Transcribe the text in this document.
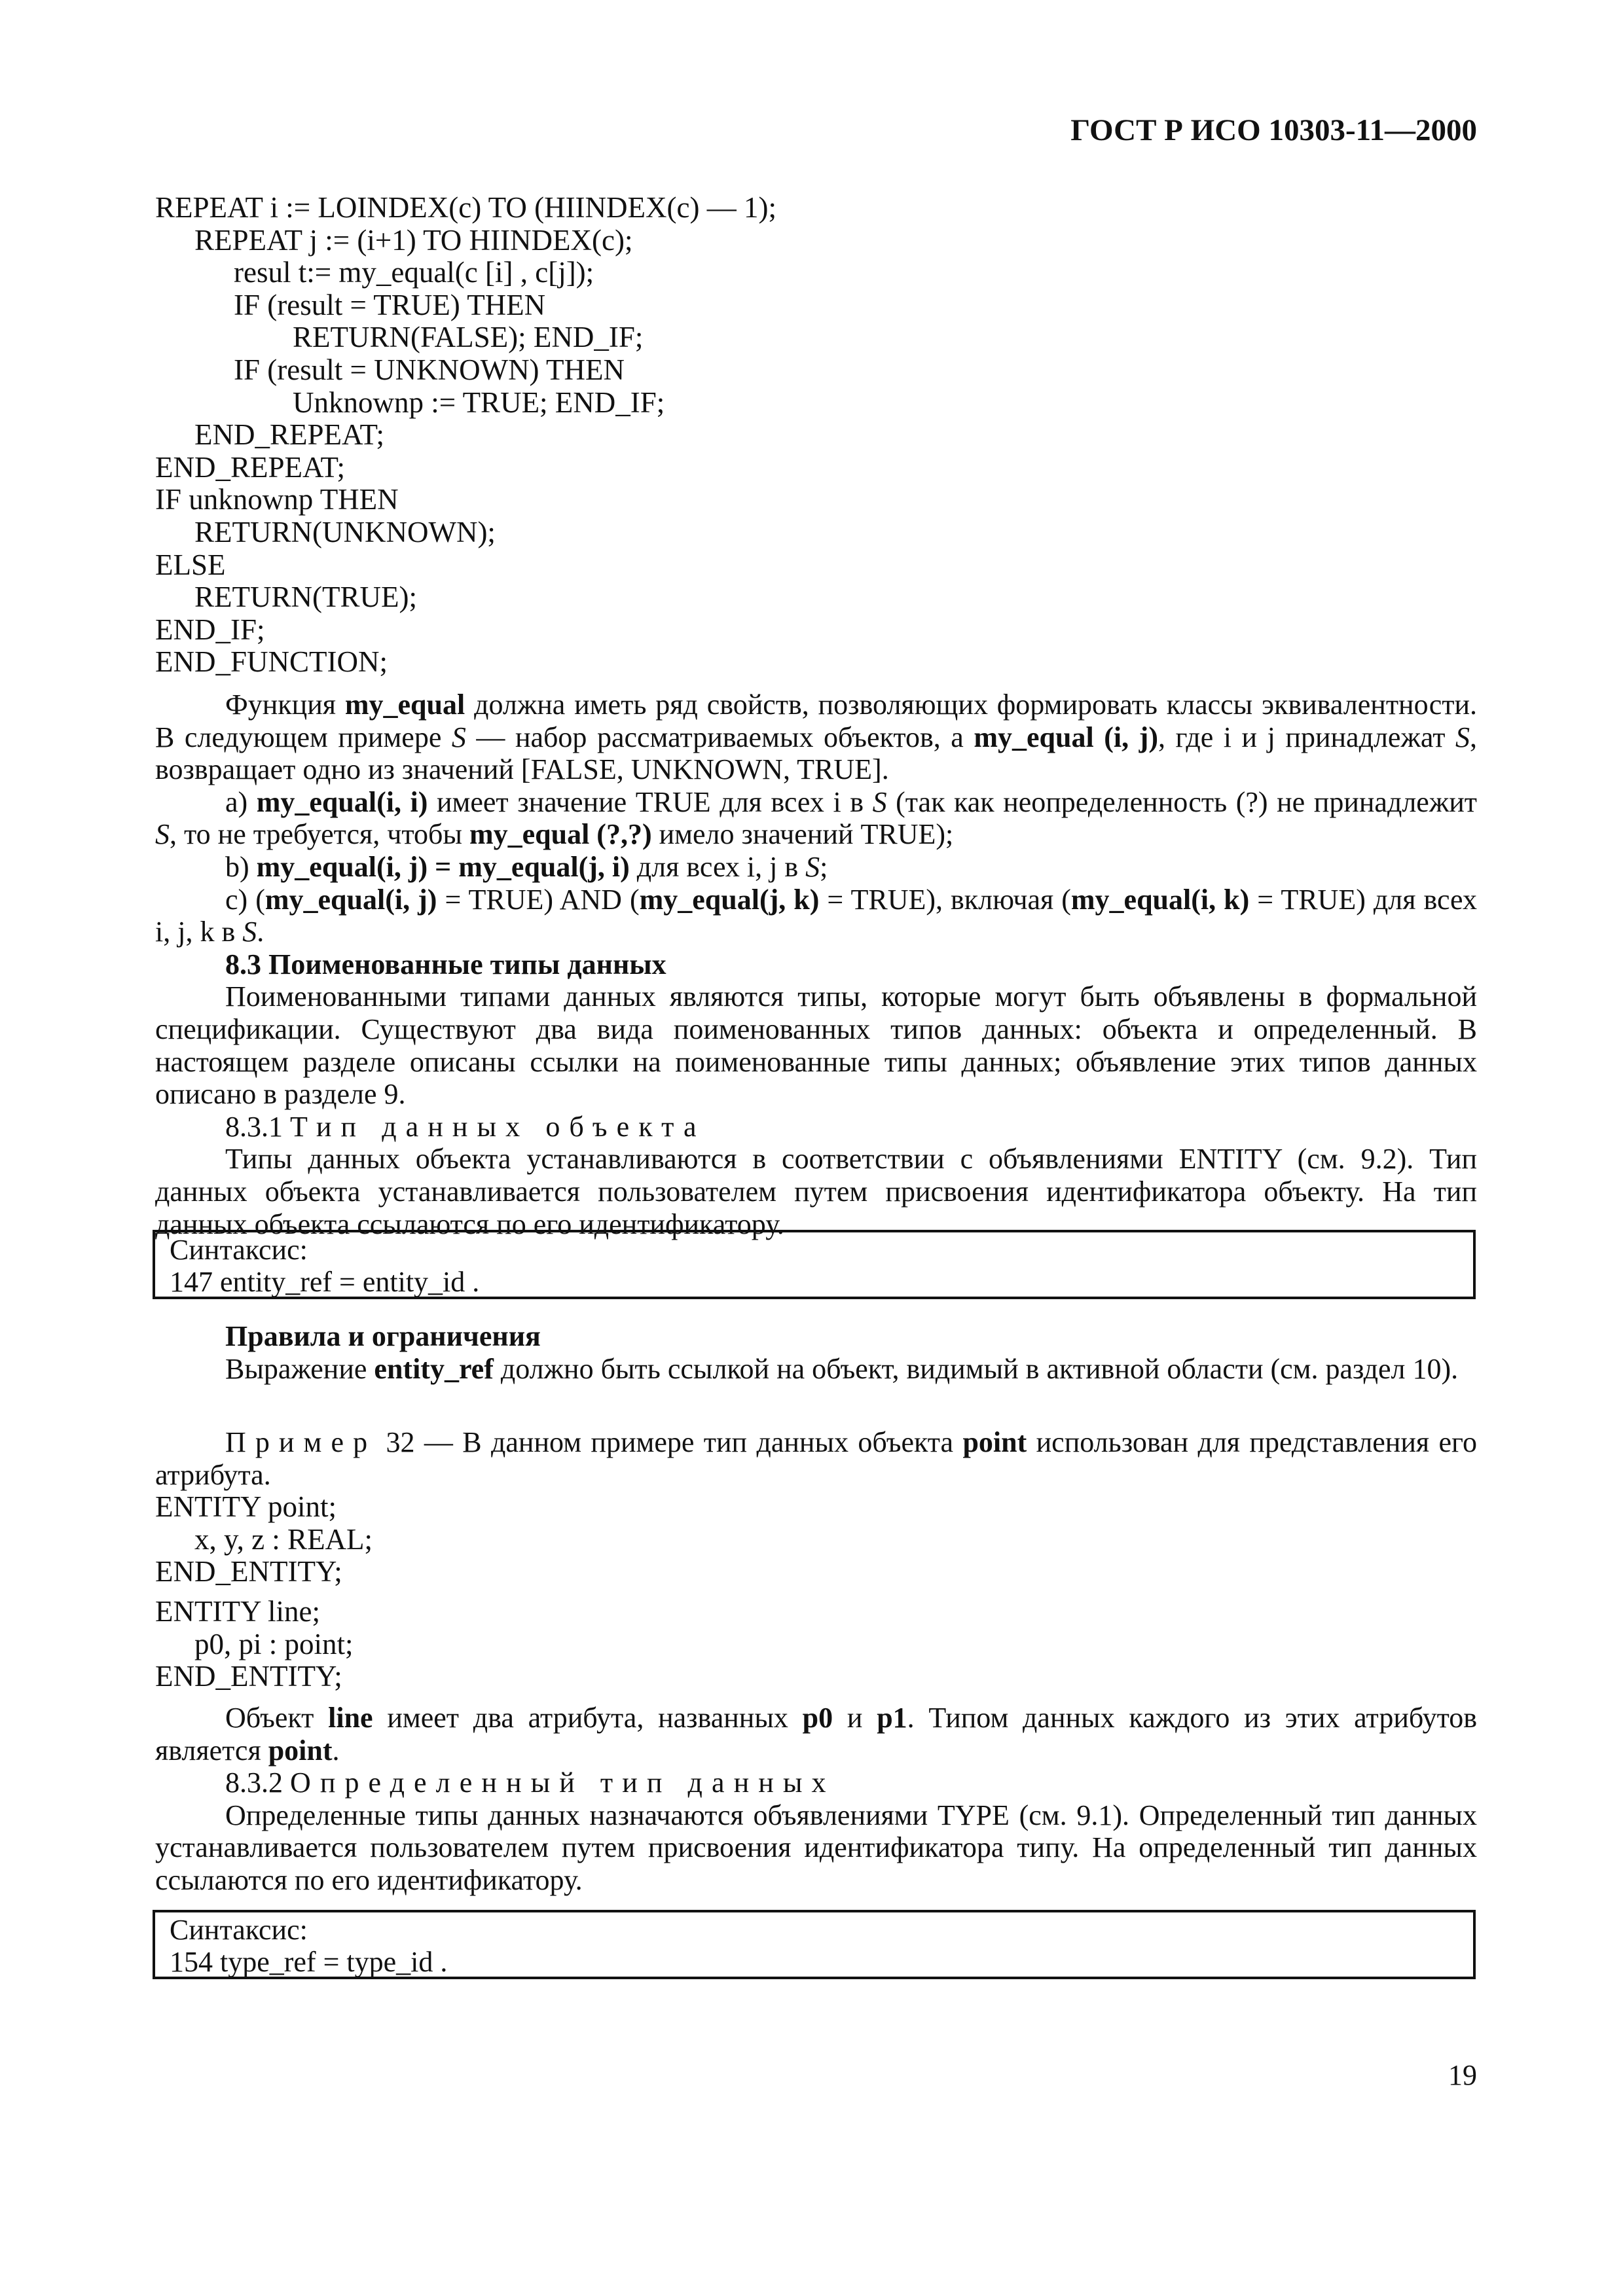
ГОСТ Р ИСО 10303-11—2000
REPEAT i := LOINDEX(c) TO (HIINDEX(c) — 1);
REPEAT j := (i+1) TO HIINDEX(c);
resul t:= my_equal(c [i] , c[j]);
IF (result = TRUE) THEN
RETURN(FALSE); END_IF;
IF (result = UNKNOWN) THEN
Unknownp := TRUE; END_IF;
END_REPEAT;
END_REPEAT;
IF unknownp THEN
RETURN(UNKNOWN);
ELSE
RETURN(TRUE);
END_IF;
END_FUNCTION;

Функция my_equal должна иметь ряд свойств, позволяющих формировать классы эквивалентности. В следующем примере S — набор рассматриваемых объектов, а my_equal (i, j), где i и j принадлежат S, возвращает одно из значений [FALSE, UNKNOWN, TRUE].

a) my_equal(i, i) имеет значение TRUE для всех i в S (так как неопределенность (?) не принадлежит S, то не требуется, чтобы my_equal (?,?) имело значений TRUE);

b) my_equal(i, j) = my_equal(j, i) для всех i, j в S;

c) (my_equal(i, j) = TRUE) AND (my_equal(j, k) = TRUE), включая (my_equal(i, k) = TRUE) для всех i, j, k в S.

8.3 Поименованные типы данных

Поименованными типами данных являются типы, которые могут быть объявлены в формальной спецификации. Существуют два вида поименованных типов данных: объекта и определенный. В настоящем разделе описаны ссылки на поименованные типы данных; объявление этих типов данных описано в разделе 9.

8.3.1 Тип данных объекта

Типы данных объекта устанавливаются в соответствии с объявлениями ENTITY (см. 9.2). Тип данных объекта устанавливается пользователем путем присвоения идентификатора объекту. На тип данных объекта ссылаются по его идентификатору.

Синтаксис:
147 entity_ref = entity_id .

Правила и ограничения

Выражение entity_ref должно быть ссылкой на объект, видимый в активной области (см. раздел 10).

Пример 32 — В данном примере тип данных объекта point использован для представления его атрибута.

ENTITY point;
x, y, z : REAL;
END_ENTITY;
ENTITY line;
p0, pi : point;
END_ENTITY;

Объект line имеет два атрибута, названных p0 и p1. Типом данных каждого из этих атрибутов является point.

8.3.2 Определенный тип данных

Определенные типы данных назначаются объявлениями TYPE (см. 9.1). Определенный тип данных устанавливается пользователем путем присвоения идентификатора типу. На определенный тип данных ссылаются по его идентификатору.

Синтаксис:
154 type_ref = type_id .
19
